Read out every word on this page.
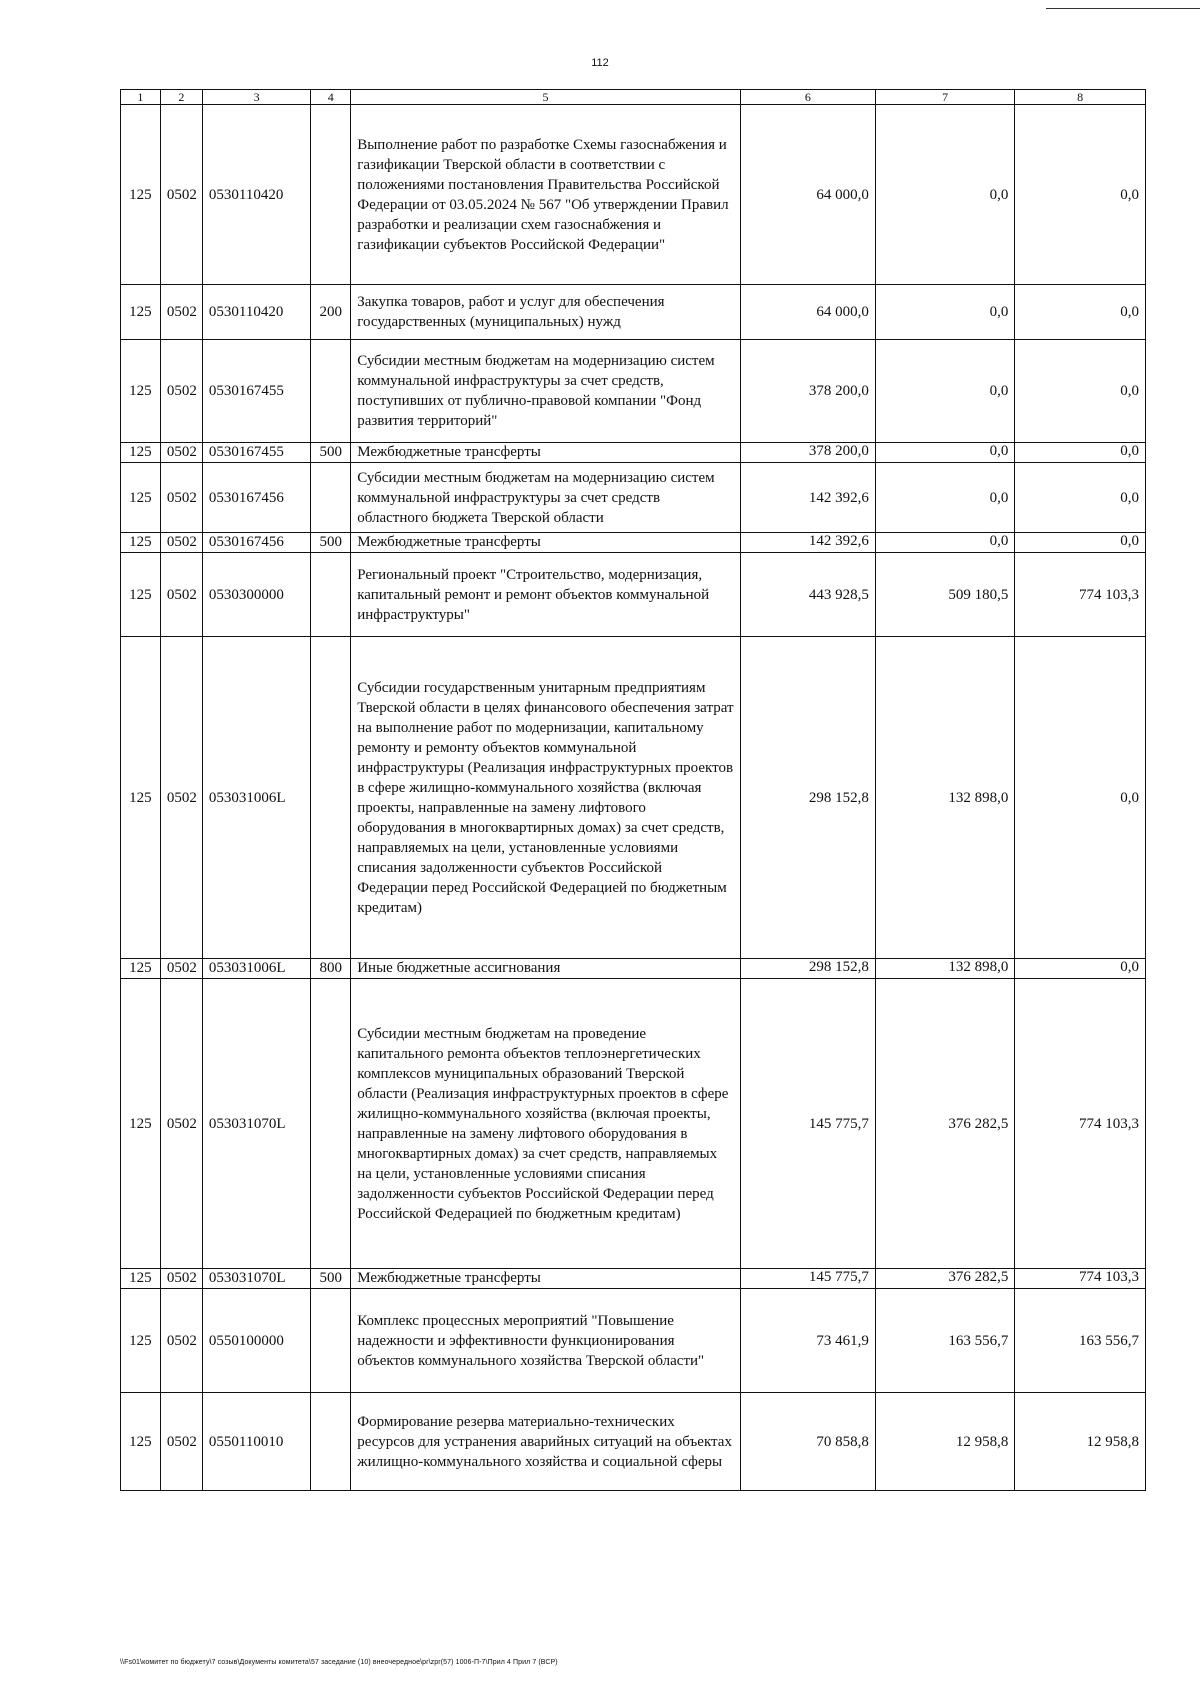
112
1	2	3	4	5	6	7	8
125	0502	0530110420		Выполнение работ по разработке Схемы газоснабжения и газификации Тверской области в соответствии с положениями постановления Правительства Российской Федерации от 03.05.2024 № 567 "Об утверждении Правил разработки и реализации схем газоснабжения и газификации субъектов Российской Федерации"	64 000,0	0,0	0,0
125	0502	0530110420	200	Закупка товаров, работ и услуг для обеспечения государственных (муниципальных) нужд	64 000,0	0,0	0,0
125	0502	0530167455		Субсидии местным бюджетам на модернизацию систем коммунальной инфраструктуры за счет средств, поступивших от публично-правовой компании "Фонд развития территорий"	378 200,0	0,0	0,0
125	0502	0530167455	500	Межбюджетные трансферты	378 200,0	0,0	0,0
125	0502	0530167456		Субсидии местным бюджетам на модернизацию систем коммунальной инфраструктуры за счет средств областного бюджета Тверской области	142 392,6	0,0	0,0
125	0502	0530167456	500	Межбюджетные трансферты	142 392,6	0,0	0,0
125	0502	0530300000		Региональный проект "Строительство, модернизация, капитальный ремонт и ремонт объектов коммунальной инфраструктуры"	443 928,5	509 180,5	774 103,3
125	0502	053031006L		Субсидии государственным унитарным предприятиям Тверской области в целях финансового обеспечения затрат на выполнение работ по модернизации, капитальному ремонту и ремонту объектов коммунальной инфраструктуры (Реализация инфраструктурных проектов в сфере жилищно-коммунального хозяйства (включая проекты, направленные на замену лифтового оборудования в многоквартирных домах) за счет средств, направляемых на цели, установленные условиями списания задолженности субъектов Российской Федерации перед Российской Федерацией по бюджетным кредитам)	298 152,8	132 898,0	0,0
125	0502	053031006L	800	Иные бюджетные ассигнования	298 152,8	132 898,0	0,0
125	0502	053031070L		Субсидии местным бюджетам на проведение капитального ремонта объектов теплоэнергетических комплексов муниципальных образований Тверской области (Реализация инфраструктурных проектов в сфере жилищно-коммунального хозяйства (включая проекты, направленные на замену лифтового оборудования в многоквартирных домах) за счет средств, направляемых на цели, установленные условиями списания задолженности субъектов Российской Федерации перед Российской Федерацией по бюджетным кредитам)	145 775,7	376 282,5	774 103,3
125	0502	053031070L	500	Межбюджетные трансферты	145 775,7	376 282,5	774 103,3
125	0502	0550100000		Комплекс процессных мероприятий "Повышение надежности и эффективности функционирования объектов коммунального хозяйства Тверской области"	73 461,9	163 556,7	163 556,7
125	0502	0550110010		Формирование резерва материально-технических ресурсов для устранения аварийных ситуаций на объектах жилищно-коммунального хозяйства и социальной сферы	70 858,8	12 958,8	12 958,8
\\Fs01\комитет по бюджету\7 созыв\Документы комитета\57 заседание (10) внеочередное\pr\zpr(57) 1006-П-7\Прил 4 Прил 7 (ВСР)
